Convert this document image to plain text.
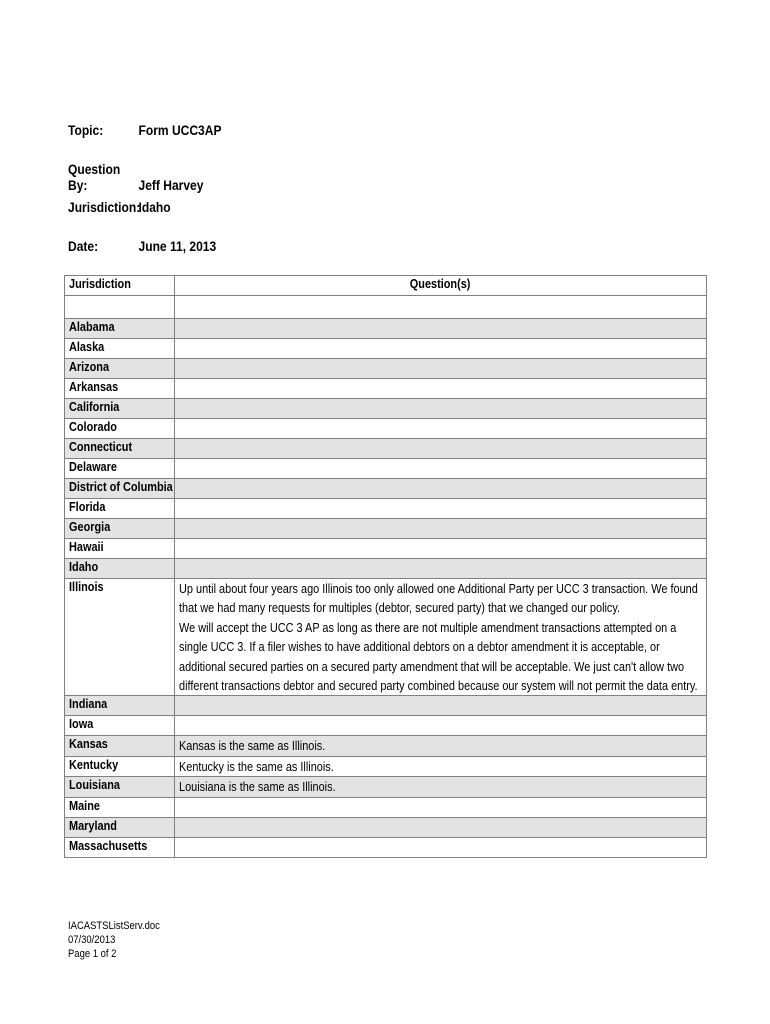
Topic:	Form UCC3AP
Question By:	Jeff Harvey
Jurisdiction:Idaho
Date:	June 11, 2013
Jurisdiction	Question(s)

Alabama	
Alaska	
Arizona	
Arkansas	
California	
Colorado	
Connecticut	
Delaware	
District of Columbia	
Florida	
Georgia	
Hawaii	
Idaho	
Illinois	Up until about four years ago Illinois too only allowed one Additional Party per UCC 3 transaction. We found that we had many requests for multiples (debtor, secured party) that we changed our policy.
We will accept the UCC 3 AP as long as there are not multiple amendment transactions attempted on a single UCC 3. If a filer wishes to have additional debtors on a debtor amendment it is acceptable, or additional secured parties on a secured party amendment that will be acceptable. We just can't allow two different transactions debtor and secured party combined because our system will not permit the data entry.

Indiana	
Iowa	
Kansas	Kansas is the same as Illinois.

Kentucky	Kentucky is the same as Illinois.

Louisiana	Louisiana is the same as Illinois.

Maine	
Maryland	
Massachusetts	
IACASTSListServ.doc
07/30/2013
Page 1 of 2
